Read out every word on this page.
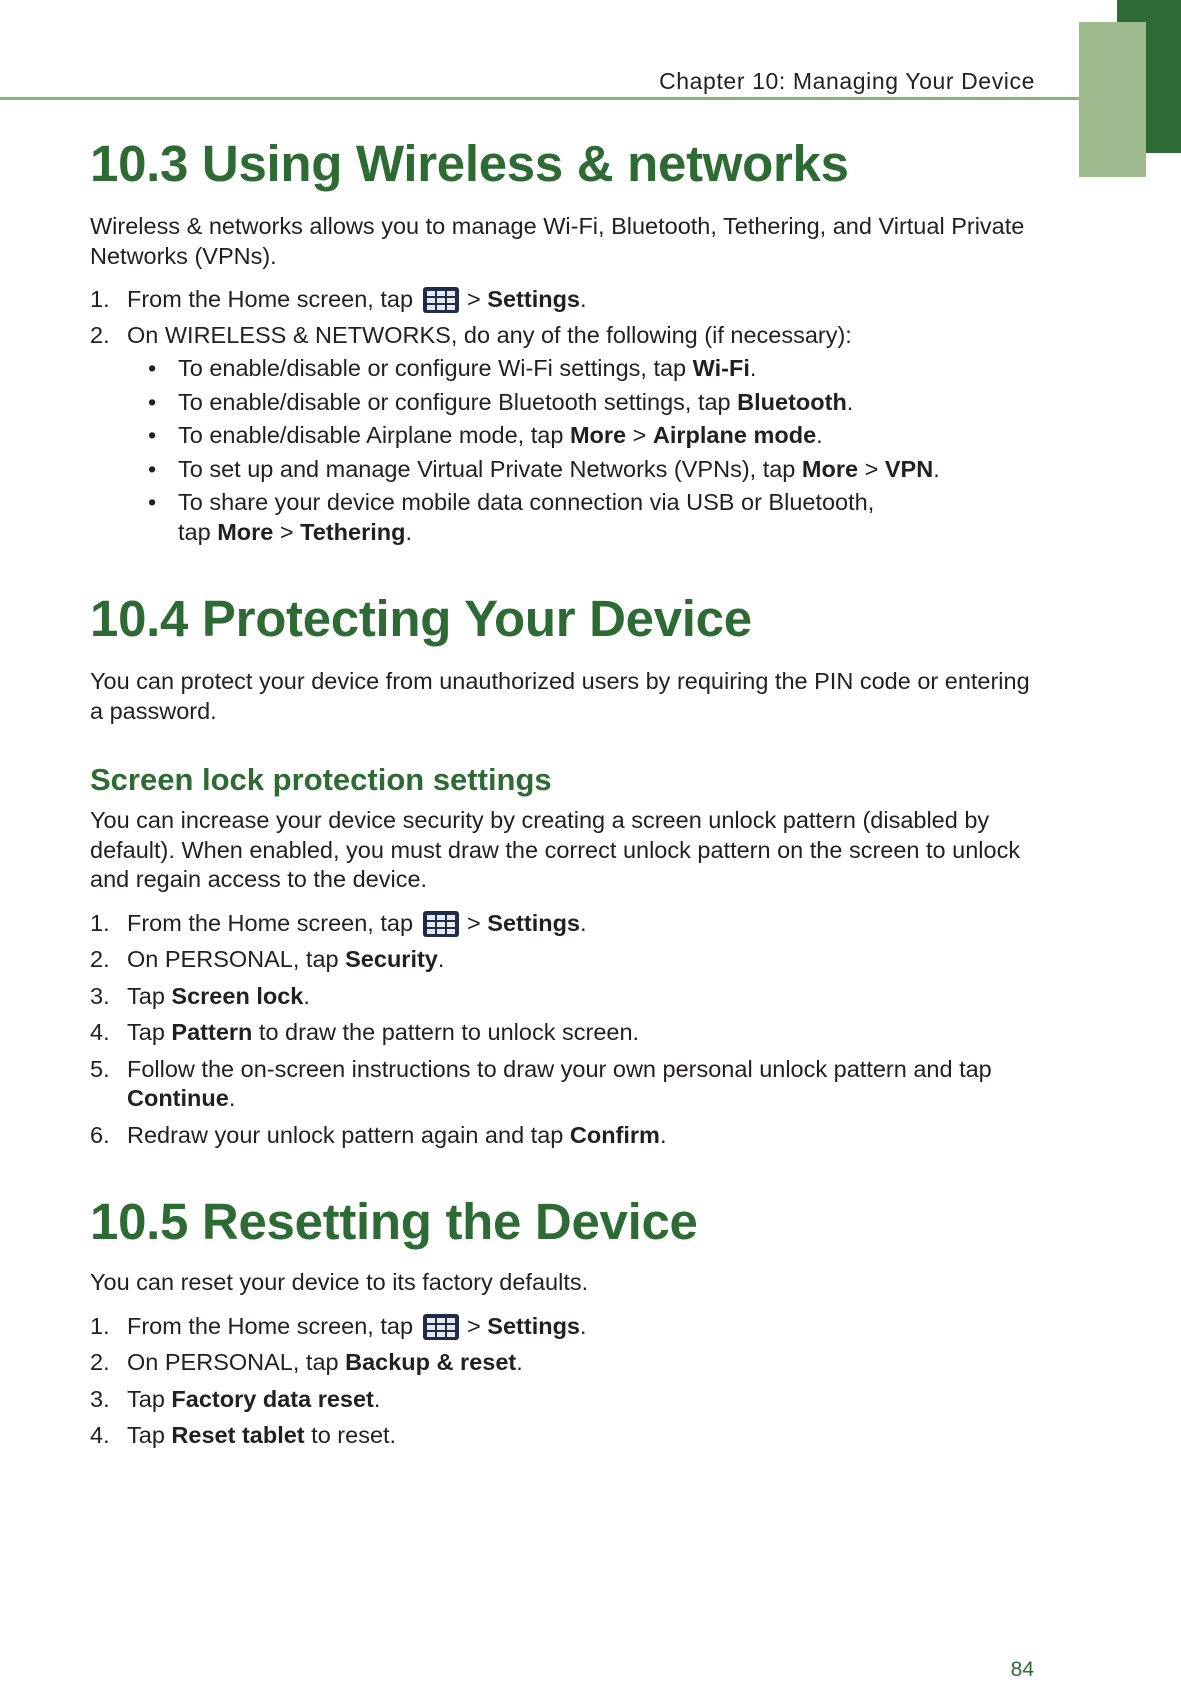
Chapter 10: Managing Your Device
10.3 Using Wireless & networks

Wireless & networks allows you to manage Wi-Fi, Bluetooth, Tethering, and Virtual Private Networks (VPNs).

1. From the Home screen, tap > Settings.
2. On WIRELESS & NETWORKS, do any of the following (if necessary):
• To enable/disable or configure Wi-Fi settings, tap Wi-Fi.
• To enable/disable or configure Bluetooth settings, tap Bluetooth.
• To enable/disable Airplane mode, tap More > Airplane mode.
• To set up and manage Virtual Private Networks (VPNs), tap More > VPN.
• To share your device mobile data connection via USB or Bluetooth,
tap More > Tethering.
10.4 Protecting Your Device

You can protect your device from unauthorized users by requiring the PIN code or entering a password.

Screen lock protection settings

You can increase your device security by creating a screen unlock pattern (disabled by default). When enabled, you must draw the correct unlock pattern on the screen to unlock and regain access to the device.

1. From the Home screen, tap > Settings.
2. On PERSONAL, tap Security.
3. Tap Screen lock.
4. Tap Pattern to draw the pattern to unlock screen.
5. Follow the on-screen instructions to draw your own personal unlock pattern and tap Continue.
6. Redraw your unlock pattern again and tap Confirm.
10.5 Resetting the Device

You can reset your device to its factory defaults.

1. From the Home screen, tap > Settings.
2. On PERSONAL, tap Backup & reset.
3. Tap Factory data reset.
4. Tap Reset tablet to reset.
84
